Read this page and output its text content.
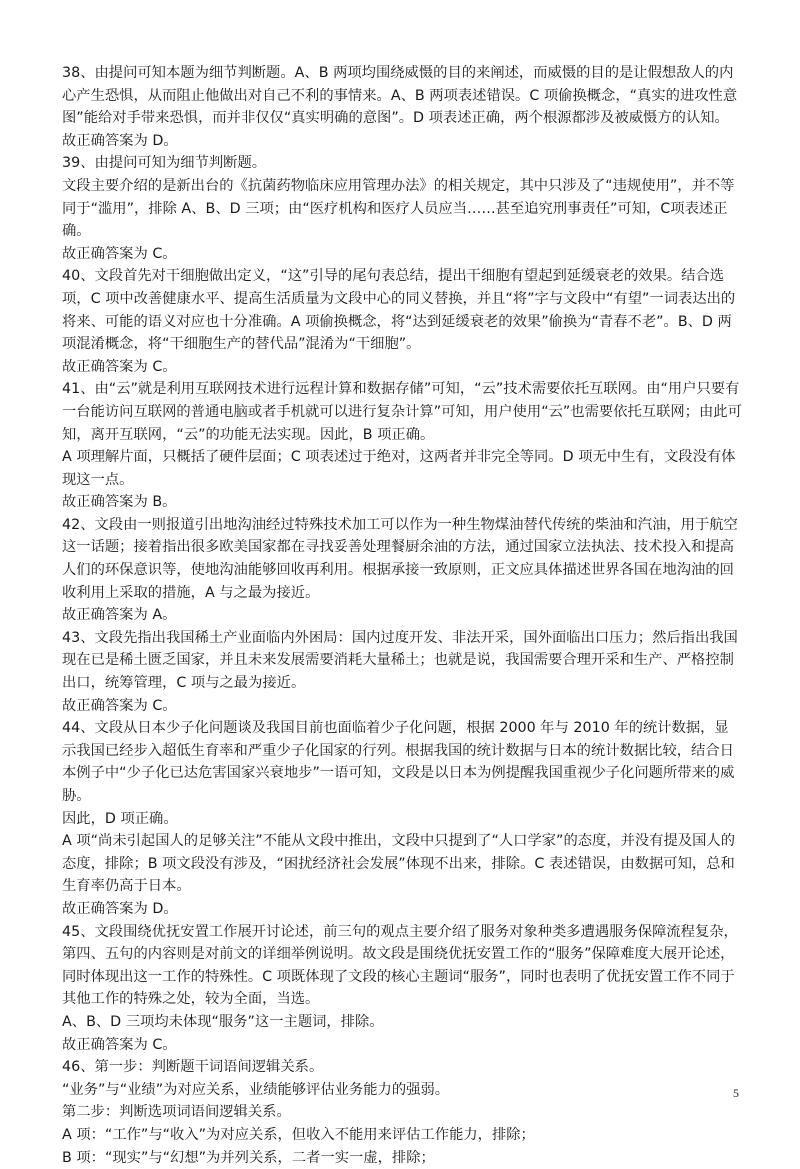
38、由提问可知本题为细节判断题。A、B 两项均围绕威慑的目的来阐述，而威慑的目的是让假想敌人的内心产生恐惧，从而阻止他做出对自己不利的事情来。A、B 两项表述错误。C 项偷换概念，“真实的进攻性意图”能给对手带来恐惧，而并非仅仅“真实明确的意图”。D 项表述正确，两个根源都涉及被威慑方的认知。

故正确答案为 D。

39、由提问可知为细节判断题。

文段主要介绍的是新出台的《抗菌药物临床应用管理办法》的相关规定，其中只涉及了“违规使用”，并不等同于“滥用”，排除 A、B、D 三项；由“医疗机构和医疗人员应当……甚至追究刑事责任”可知，C项表述正确。

故正确答案为 C。

40、文段首先对干细胞做出定义，“这”引导的尾句表总结，提出干细胞有望起到延缓衰老的效果。结合选项，C 项中改善健康水平、提高生活质量为文段中心的同义替换，并且“将”字与文段中“有望”一词表达出的将来、可能的语义对应也十分准确。A 项偷换概念，将“达到延缓衰老的效果”偷换为“青春不老”。B、D 两项混淆概念，将“干细胞生产的替代品”混淆为“干细胞”。

故正确答案为 C。

41、由“云”就是利用互联网技术进行远程计算和数据存储”可知，“云”技术需要依托互联网。由“用户只要有一台能访问互联网的普通电脑或者手机就可以进行复杂计算”可知，用户使用“云”也需要依托互联网；由此可知，离开互联网，“云”的功能无法实现。因此，B 项正确。

A 项理解片面，只概括了硬件层面；C 项表述过于绝对，这两者并非完全等同。D 项无中生有，文段没有体现这一点。

故正确答案为 B。

42、文段由一则报道引出地沟油经过特殊技术加工可以作为一种生物煤油替代传统的柴油和汽油，用于航空这一话题；接着指出很多欧美国家都在寻找妥善处理餐厨余油的方法，通过国家立法执法、技术投入和提高人们的环保意识等，使地沟油能够回收再利用。根据承接一致原则，正文应具体描述世界各国在地沟油的回收利用上采取的措施，A 与之最为接近。

故正确答案为 A。

43、文段先指出我国稀土产业面临内外困局：国内过度开发、非法开采，国外面临出口压力；然后指出我国现在已是稀土匮乏国家，并且未来发展需要消耗大量稀土；也就是说，我国需要合理开采和生产、严格控制出口，统筹管理，C 项与之最为接近。

故正确答案为 C。

44、文段从日本少子化问题谈及我国目前也面临着少子化问题，根据 2000 年与 2010 年的统计数据，显示我国已经步入超低生育率和严重少子化国家的行列。根据我国的统计数据与日本的统计数据比较，结合日本例子中“少子化已达危害国家兴衰地步”一语可知，文段是以日本为例提醒我国重视少子化问题所带来的威胁。

因此，D 项正确。

A 项“尚未引起国人的足够关注”不能从文段中推出，文段中只提到了“人口学家”的态度，并没有提及国人的态度，排除；B 项文段没有涉及，“困扰经济社会发展”体现不出来，排除。C 表述错误，由数据可知，总和生育率仍高于日本。

故正确答案为 D。

45、文段围绕优抚安置工作展开讨论述，前三句的观点主要介绍了服务对象种类多遭遇服务保障流程复杂，第四、五句的内容则是对前文的详细举例说明。故文段是围绕优抚安置工作的“服务”保障难度大展开论述，同时体现出这一工作的特殊性。C 项既体现了文段的核心主题词“服务”，同时也表明了优抚安置工作不同于其他工作的特殊之处，较为全面，当选。

A、B、D 三项均未体现“服务”这一主题词，排除。

故正确答案为 C。

46、第一步：判断题干词语间逻辑关系。

“业务”与“业绩”为对应关系，业绩能够评估业务能力的强弱。

第二步：判断选项词语间逻辑关系。

A 项：“工作”与“收入”为对应关系，但收入不能用来评估工作能力，排除；

B 项：“现实”与“幻想”为并列关系，二者一实一虚，排除；

5
